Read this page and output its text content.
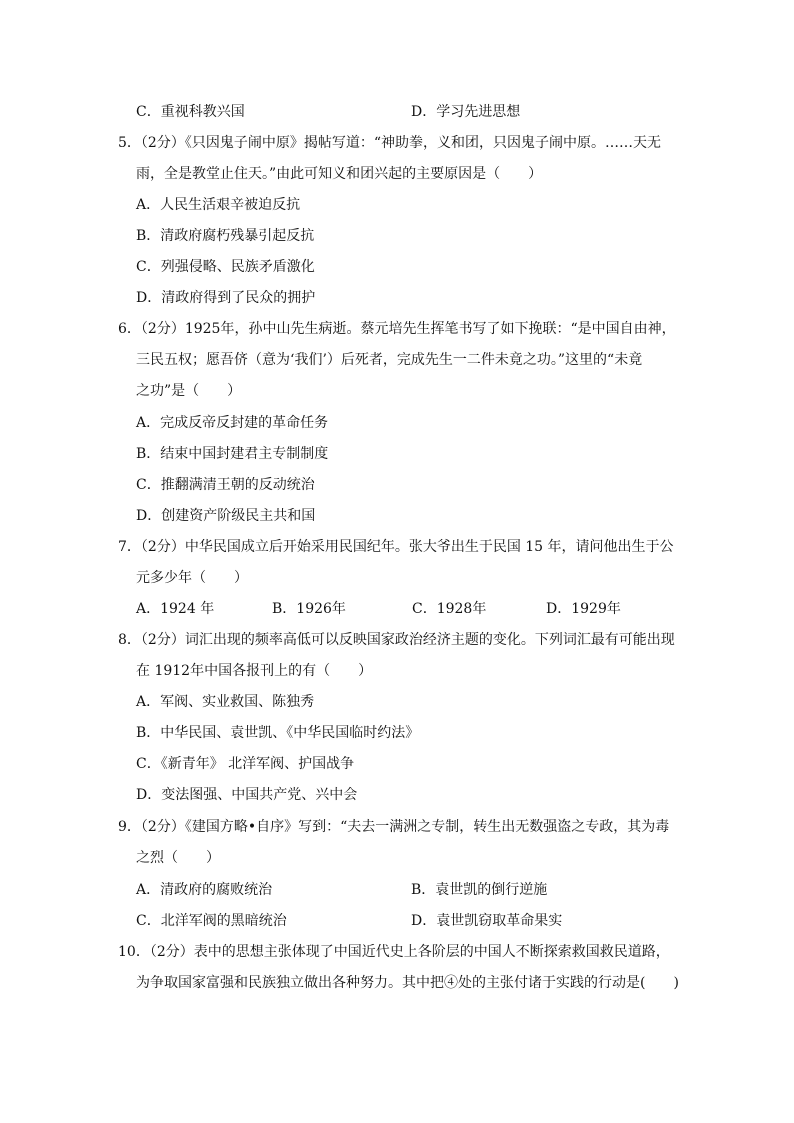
C．重视科教兴国	D．学习先进思想
5．（2分）《只因鬼子闹中原》揭帖写道：“神助拳，义和团，只因鬼子闹中原。……天无
雨，全是教堂止住天。”由此可知义和团兴起的主要原因是（　　）
A．人民生活艰辛被迫反抗
B．清政府腐朽残暴引起反抗
C．列强侵略、民族矛盾激化
D．清政府得到了民众的拥护
6．（2分）1925年，孙中山先生病逝。蔡元培先生挥笔书写了如下挽联：“是中国自由神，
三民五权；愿吾侪（意为‘我们’）后死者，完成先生一二件未竟之功。”这里的“未竟
之功”是（　　）
A．完成反帝反封建的革命任务
B．结束中国封建君主专制制度
C．推翻满清王朝的反动统治
D．创建资产阶级民主共和国
7．（2分）中华民国成立后开始采用民国纪年。张大爷出生于民国 15 年，请问他出生于公
元多少年（　　）
A．1924 年	B．1926年	C．1928年	D．1929年
8．（2分）词汇出现的频率高低可以反映国家政治经济主题的变化。下列词汇最有可能出现
在 1912年中国各报刊上的有（　　）
A．军阀、实业救国、陈独秀
B．中华民国、袁世凯、《中华民国临时约法》
C．《新青年》 北洋军阀、护国战争
D．变法图强、中国共产党、兴中会
9．（2分）《建国方略•自序》写到：“夫去一满洲之专制，转生出无数强盗之专政，其为毒
之烈（　　）
A．清政府的腐败统治	B．袁世凯的倒行逆施
C．北洋军阀的黑暗统治	D．袁世凯窃取革命果实
10．（2分）表中的思想主张体现了中国近代史上各阶层的中国人不断探索救国救民道路，
为争取国家富强和民族独立做出各种努力。其中把④处的主张付诸于实践的行动是(　　)
